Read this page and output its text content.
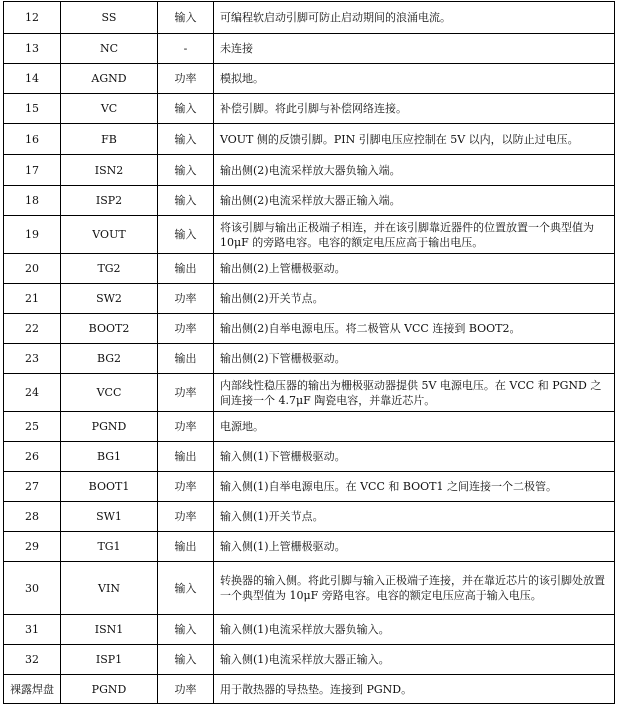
12	SS	输入	可编程软启动引脚可防止启动期间的浪涌电流。
13	NC	-	未连接
14	AGND	功率	模拟地。
15	VC	输入	补偿引脚。将此引脚与补偿网络连接。
16	FB	输入	VOUT 侧的反馈引脚。PIN 引脚电压应控制在 5V 以内，以防止过电压。
17	ISN2	输入	输出侧(2)电流采样放大器负输入端。
18	ISP2	输入	输出侧(2)电流采样放大器正输入端。
19	VOUT	输入	将该引脚与输出正极端子相连，并在该引脚靠近器件的位置放置一个典型值为 10μF 的旁路电容。电容的额定电压应高于输出电压。
20	TG2	输出	输出侧(2)上管栅极驱动。
21	SW2	功率	输出侧(2)开关节点。
22	BOOT2	功率	输出侧(2)自举电源电压。将二极管从 VCC 连接到 BOOT2。
23	BG2	输出	输出侧(2)下管栅极驱动。
24	VCC	功率	内部线性稳压器的输出为栅极驱动器提供 5V 电源电压。在 VCC 和 PGND 之间连接一个 4.7μF 陶瓷电容，并靠近芯片。
25	PGND	功率	电源地。
26	BG1	输出	输入侧(1)下管栅极驱动。
27	BOOT1	功率	输入侧(1)自举电源电压。在 VCC 和 BOOT1 之间连接一个二极管。
28	SW1	功率	输入侧(1)开关节点。
29	TG1	输出	输入侧(1)上管栅极驱动。
30	VIN	输入	转换器的输入侧。将此引脚与输入正极端子连接，并在靠近芯片的该引脚处放置一个典型值为 10μF 旁路电容。电容的额定电压应高于输入电压。
31	ISN1	输入	输入侧(1)电流采样放大器负输入。
32	ISP1	输入	输入侧(1)电流采样放大器正输入。
裸露焊盘	PGND	功率	用于散热器的导热垫。连接到 PGND。
